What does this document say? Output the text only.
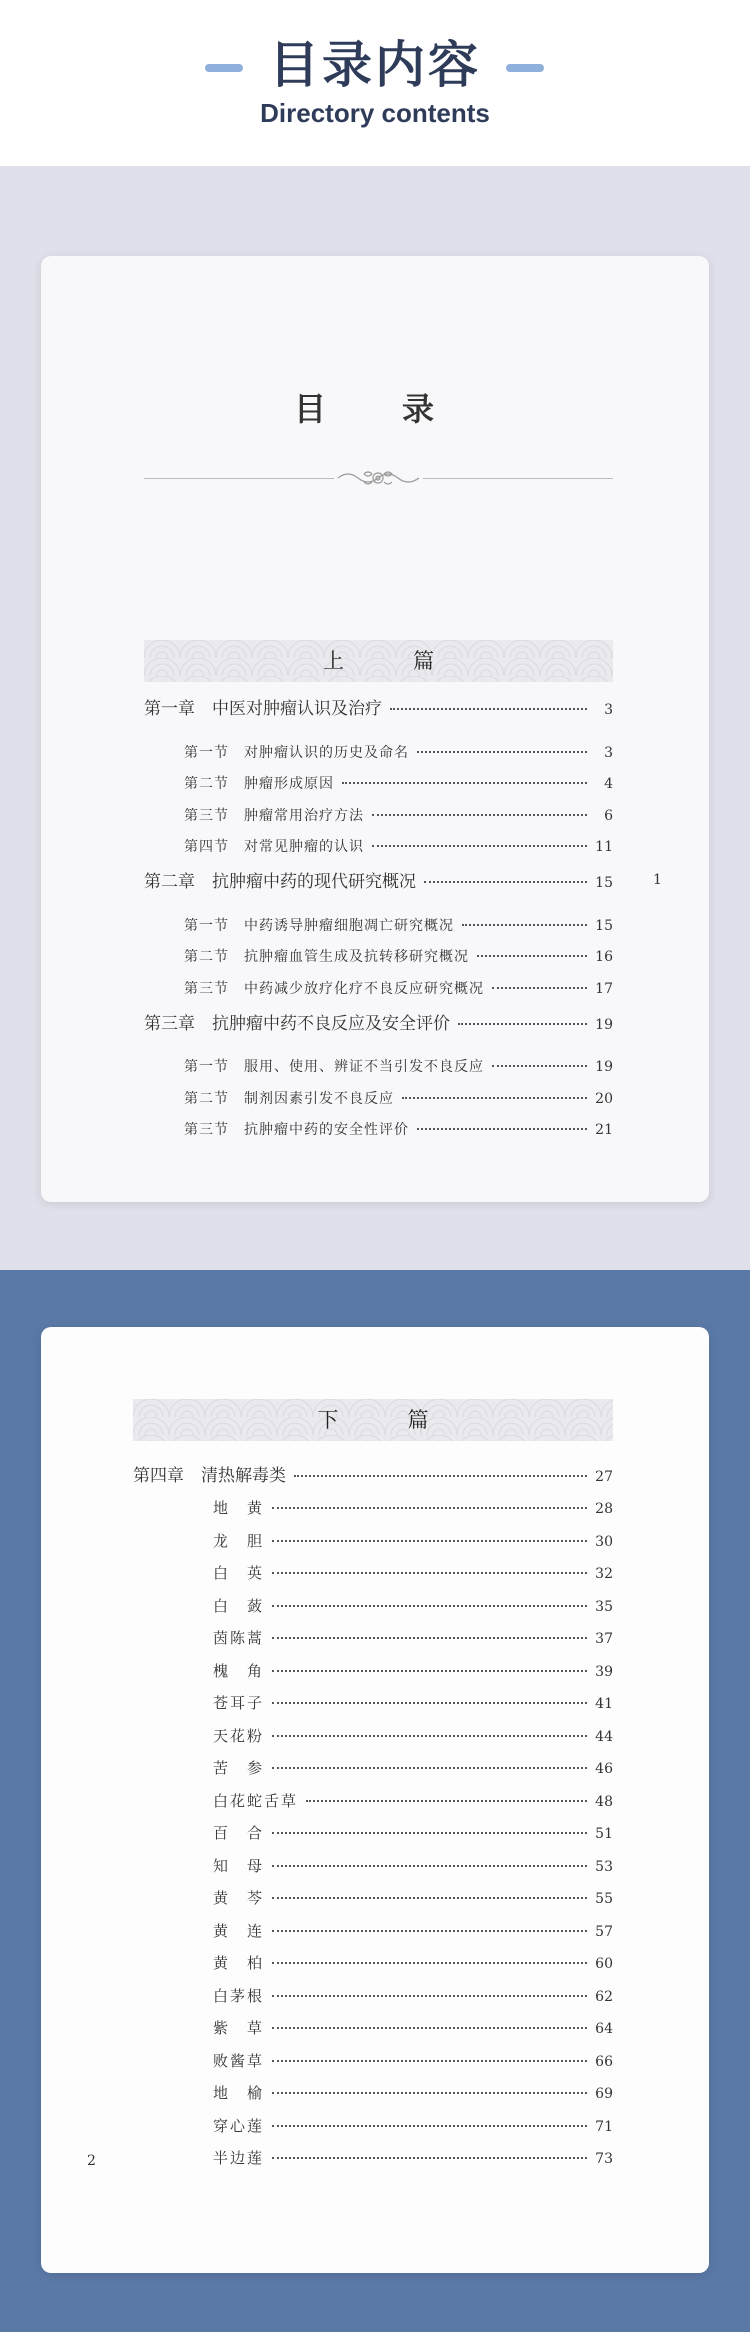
目录内容
Directory contents
目　录
上　篇
第一章　中医对肿瘤认识及治疗	3
第一节　对肿瘤认识的历史及命名	3
第二节　肿瘤形成原因	4
第三节　肿瘤常用治疗方法	6
第四节　对常见肿瘤的认识	11
第二章　抗肿瘤中药的现代研究概况	15
第一节　中药诱导肿瘤细胞凋亡研究概况	15
第二节　抗肿瘤血管生成及抗转移研究概况	16
第三节　中药减少放疗化疗不良反应研究概况	17
第三章　抗肿瘤中药不良反应及安全评价	19
第一节　服用、使用、辨证不当引发不良反应	19
第二节　制剂因素引发不良反应	20
第三节　抗肿瘤中药的安全性评价	21
1
下　篇
第四章　清热解毒类	27
地　黄	28
龙　胆	30
白　英	32
白　蔹	35
茵陈蒿	37
槐　角	39
苍耳子	41
天花粉	44
苦　参	46
白花蛇舌草	48
百　合	51
知　母	53
黄　芩	55
黄　连	57
黄　柏	60
白茅根	62
紫　草	64
败酱草	66
地　榆	69
穿心莲	71
半边莲	73
2
